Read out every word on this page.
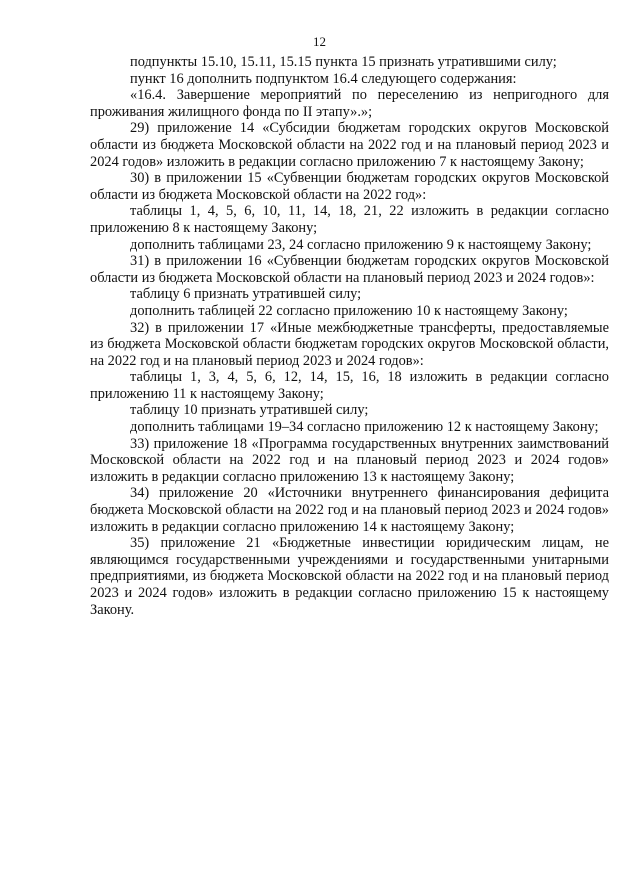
12

подпункты 15.10, 15.11, 15.15 пункта 15 признать утратившими силу;

пункт 16 дополнить подпунктом 16.4 следующего содержания:

«16.4. Завершение мероприятий по переселению из непригодного для проживания жилищного фонда по II этапу».»;

29) приложение 14 «Субсидии бюджетам городских округов Московской области из бюджета Московской области на 2022 год и на плановый период 2023 и 2024 годов» изложить в редакции согласно приложению 7 к настоящему Закону;

30) в приложении 15 «Субвенции бюджетам городских округов Московской области из бюджета Московской области на 2022 год»:

таблицы 1, 4, 5, 6, 10, 11, 14, 18, 21, 22 изложить в редакции согласно приложению 8 к настоящему Закону;

дополнить таблицами 23, 24 согласно приложению 9 к настоящему Закону;

31) в приложении 16 «Субвенции бюджетам городских округов Московской области из бюджета Московской области на плановый период 2023 и 2024 годов»:

таблицу 6 признать утратившей силу;

дополнить таблицей 22 согласно приложению 10 к настоящему Закону;

32) в приложении 17 «Иные межбюджетные трансферты, предоставляемые из бюджета Московской области бюджетам городских округов Московской области, на 2022 год и на плановый период 2023 и 2024 годов»:

таблицы 1, 3, 4, 5, 6, 12, 14, 15, 16, 18 изложить в редакции согласно приложению 11 к настоящему Закону;

таблицу 10 признать утратившей силу;

дополнить таблицами 19–34 согласно приложению 12 к настоящему Закону;

33) приложение 18 «Программа государственных внутренних заимствований Московской области на 2022 год и на плановый период 2023 и 2024 годов» изложить в редакции согласно приложению 13 к настоящему Закону;

34) приложение 20 «Источники внутреннего финансирования дефицита бюджета Московской области на 2022 год и на плановый период 2023 и 2024 годов» изложить в редакции согласно приложению 14 к настоящему Закону;

35) приложение 21 «Бюджетные инвестиции юридическим лицам, не являющимся государственными учреждениями и государственными унитарными предприятиями, из бюджета Московской области на 2022 год и на плановый период 2023 и 2024 годов» изложить в редакции согласно приложению 15 к настоящему Закону.
